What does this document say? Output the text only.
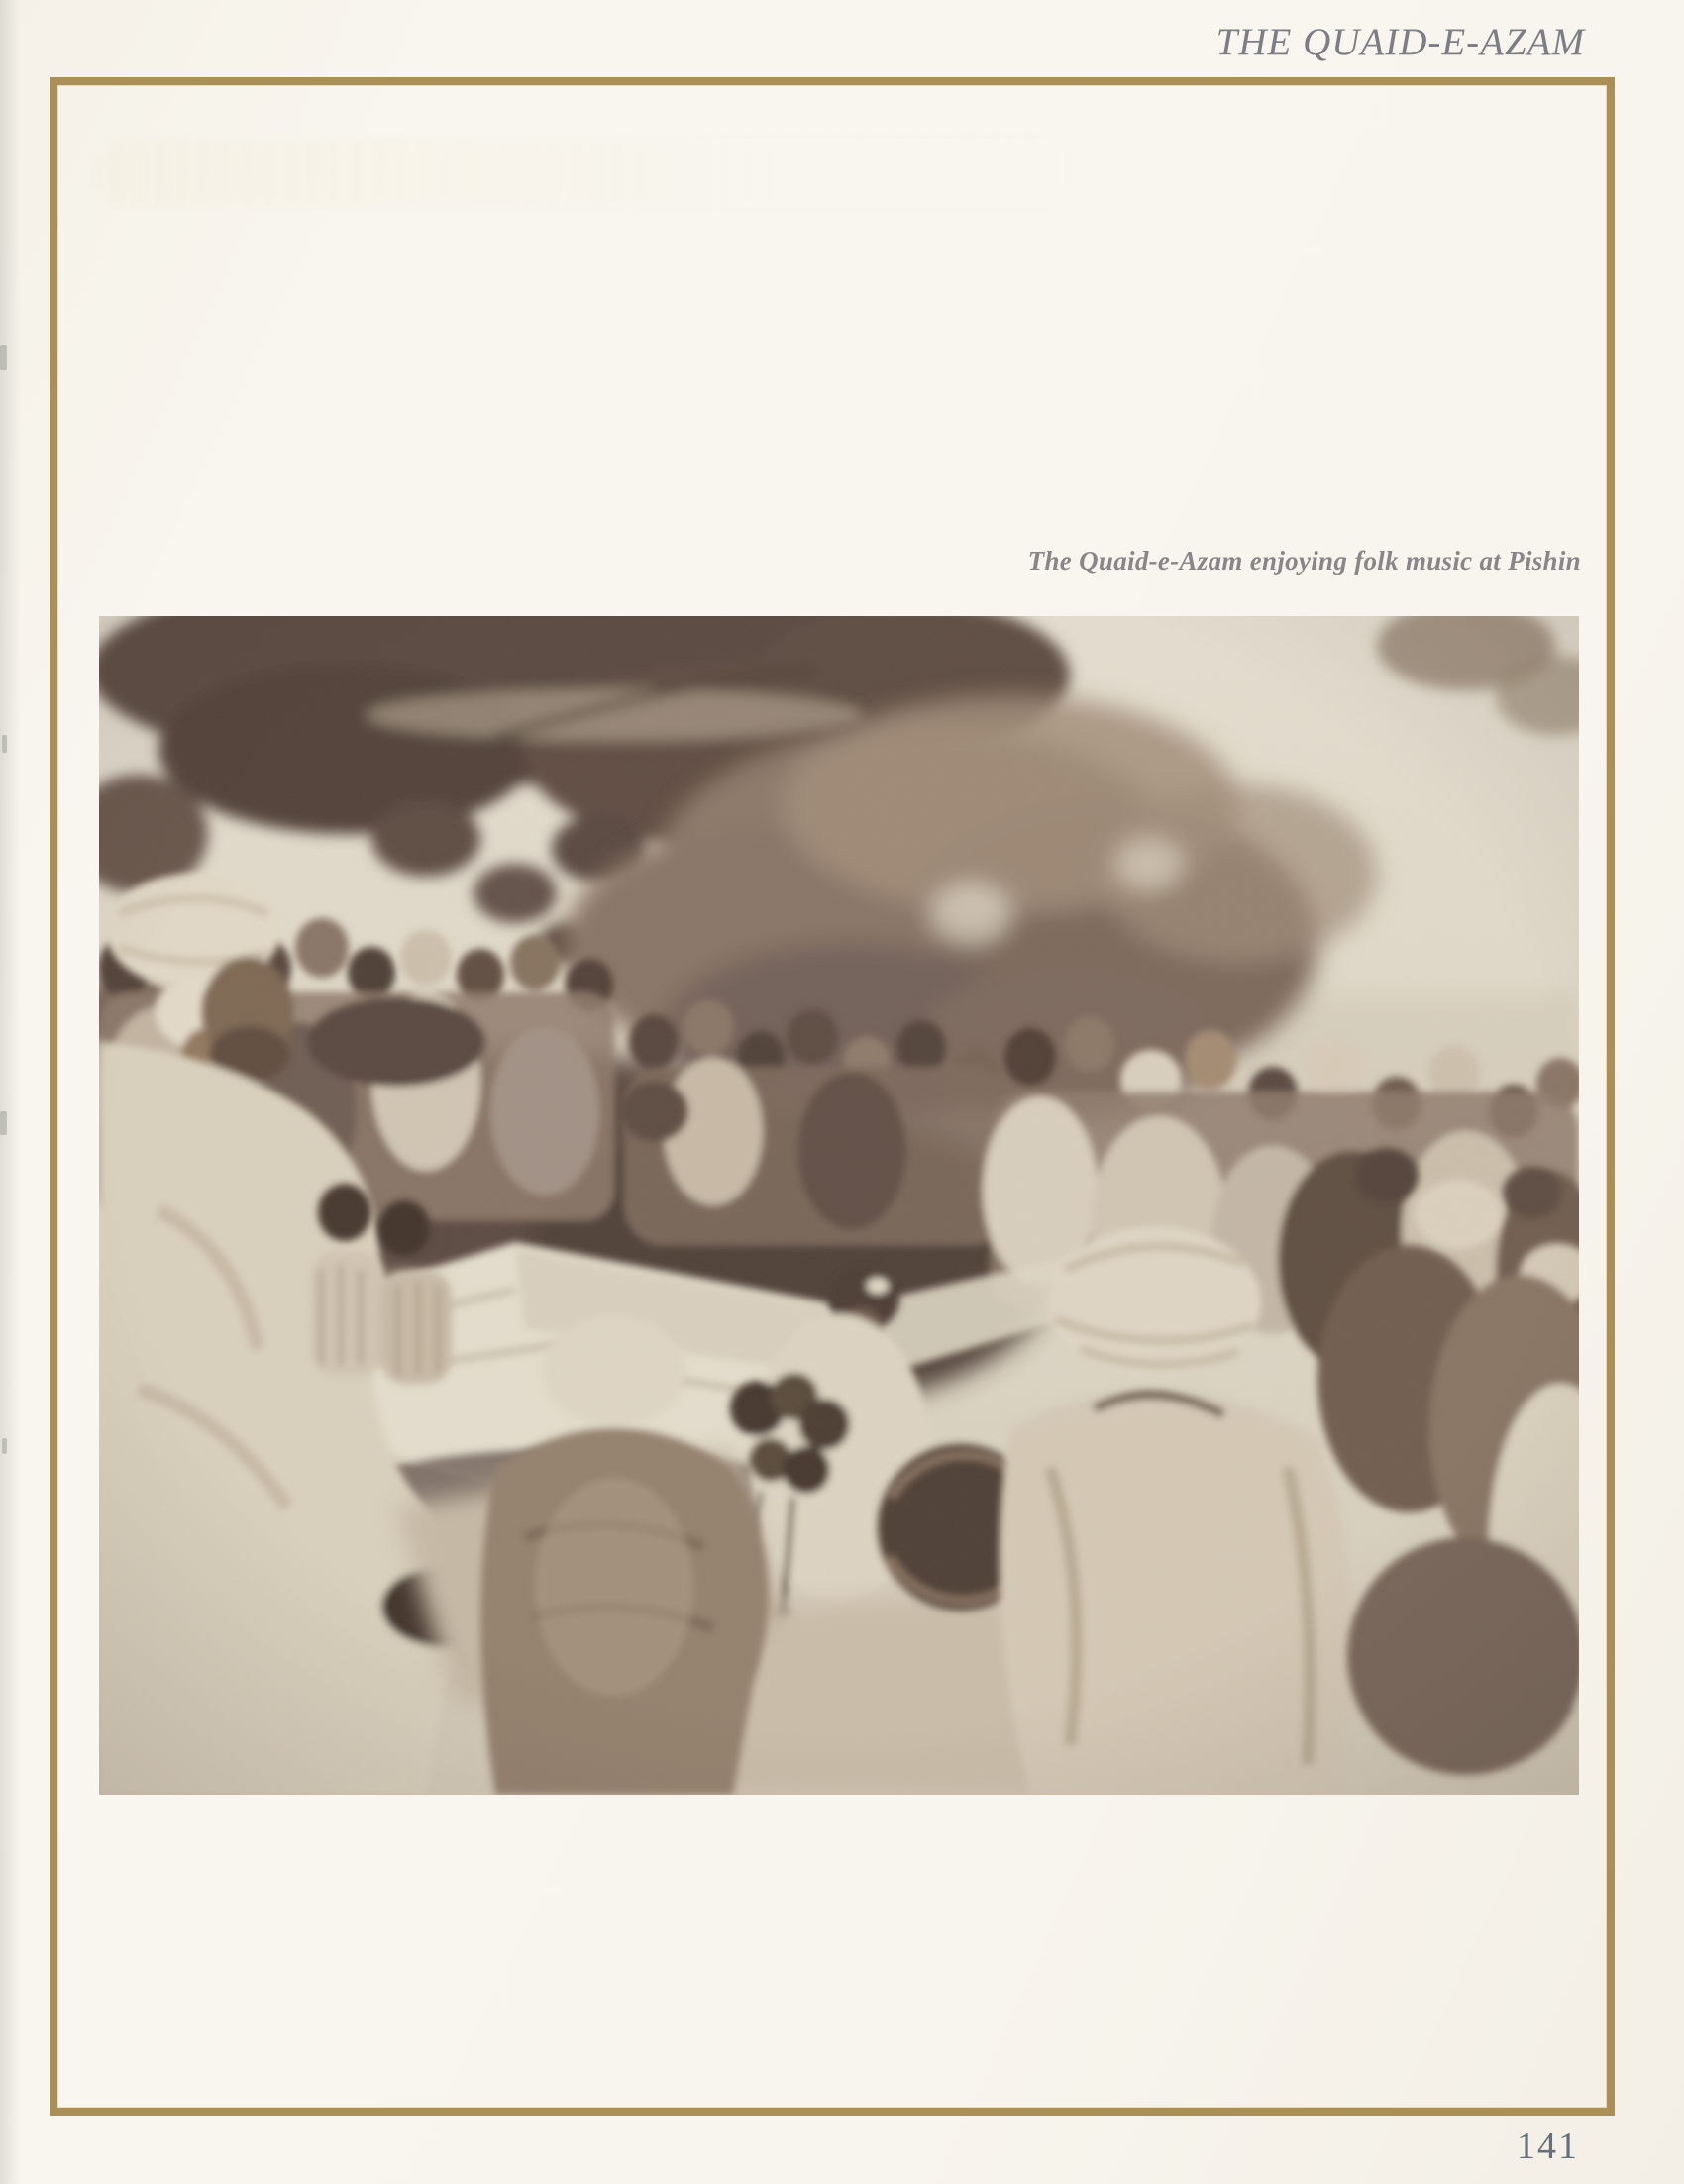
THE QUAID-E-AZAM
The Quaid-e-Azam enjoying folk music at Pishin
141
